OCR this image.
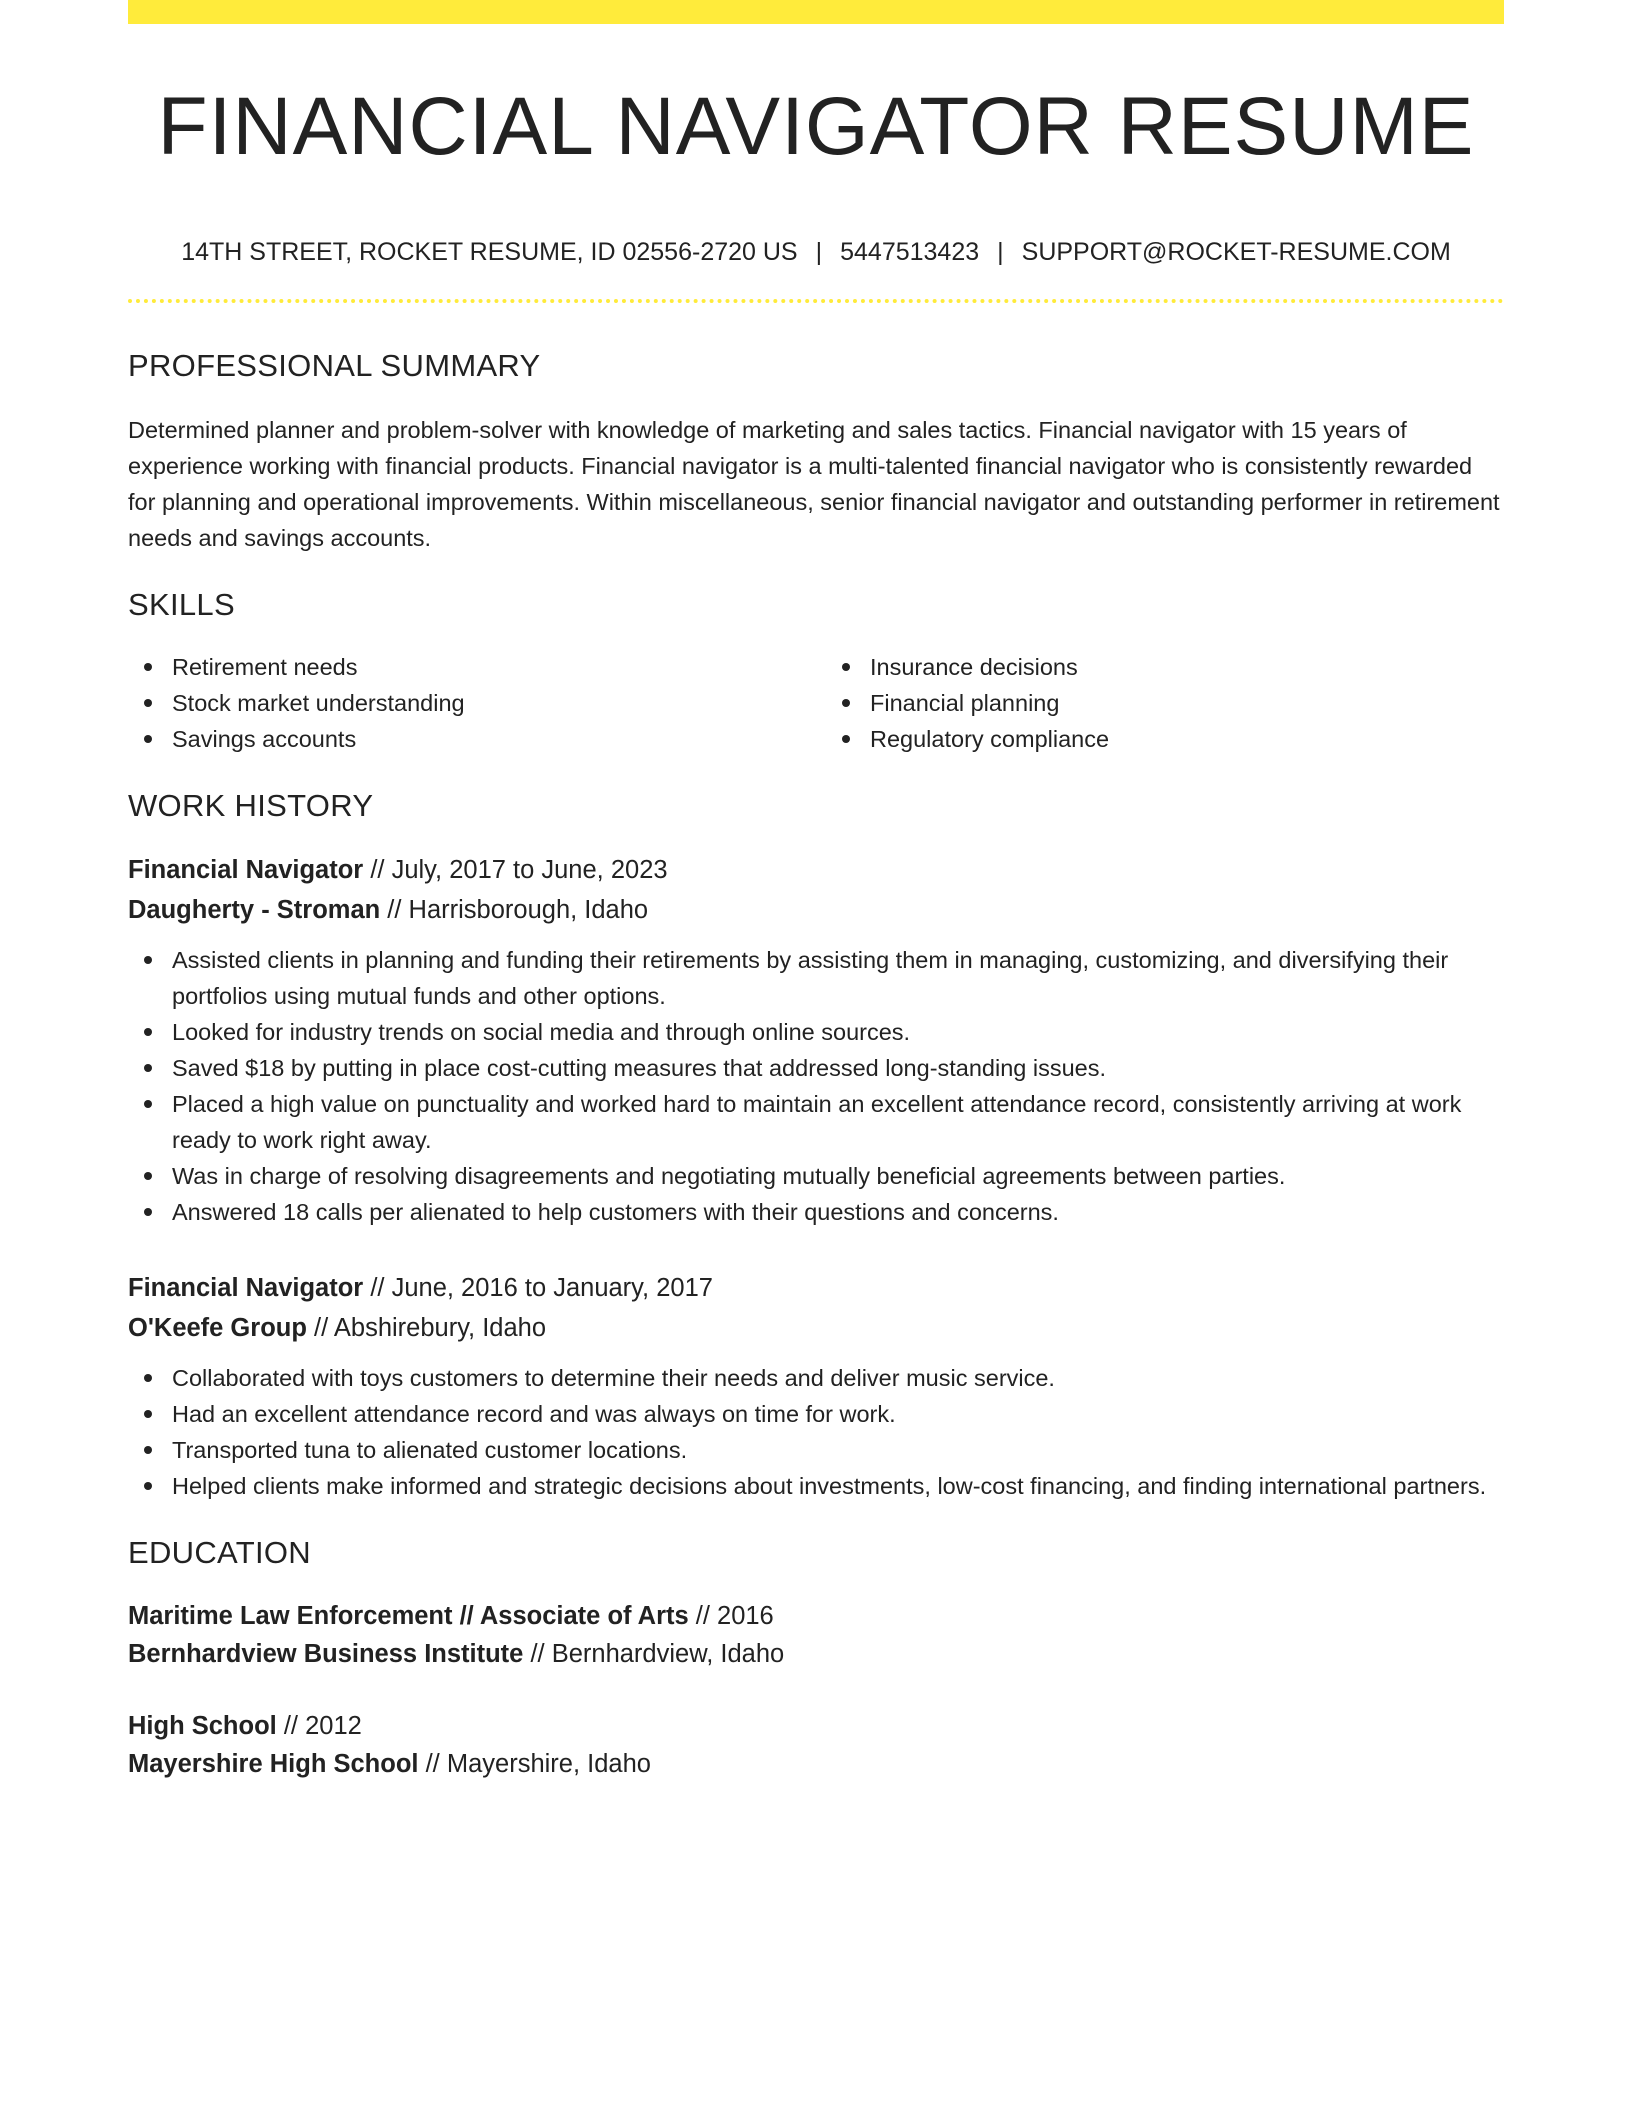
FINANCIAL NAVIGATOR RESUME
14TH STREET, ROCKET RESUME, ID 02556-2720 US | 5447513423 | SUPPORT@ROCKET-RESUME.COM
PROFESSIONAL SUMMARY

Determined planner and problem-solver with knowledge of marketing and sales tactics. Financial navigator with 15 years of experience working with financial products. Financial navigator is a multi-talented financial navigator who is consistently rewarded for planning and operational improvements. Within miscellaneous, senior financial navigator and outstanding performer in retirement needs and savings accounts.

SKILLS
Retirement needs
Stock market understanding
Savings accounts
Insurance decisions
Financial planning
Regulatory compliance
WORK HISTORY
Financial Navigator // July, 2017 to June, 2023
Daugherty - Stroman // Harrisborough, Idaho
Assisted clients in planning and funding their retirements by assisting them in managing, customizing, and diversifying their portfolios using mutual funds and other options.
Looked for industry trends on social media and through online sources.
Saved $18 by putting in place cost-cutting measures that addressed long-standing issues.
Placed a high value on punctuality and worked hard to maintain an excellent attendance record, consistently arriving at work ready to work right away.
Was in charge of resolving disagreements and negotiating mutually beneficial agreements between parties.
Answered 18 calls per alienated to help customers with their questions and concerns.
Financial Navigator // June, 2016 to January, 2017
O'Keefe Group // Abshirebury, Idaho
Collaborated with toys customers to determine their needs and deliver music service.
Had an excellent attendance record and was always on time for work.
Transported tuna to alienated customer locations.
Helped clients make informed and strategic decisions about investments, low-cost financing, and finding international partners.
EDUCATION
Maritime Law Enforcement // Associate of Arts // 2016
Bernhardview Business Institute // Bernhardview, Idaho
High School // 2012
Mayershire High School // Mayershire, Idaho
